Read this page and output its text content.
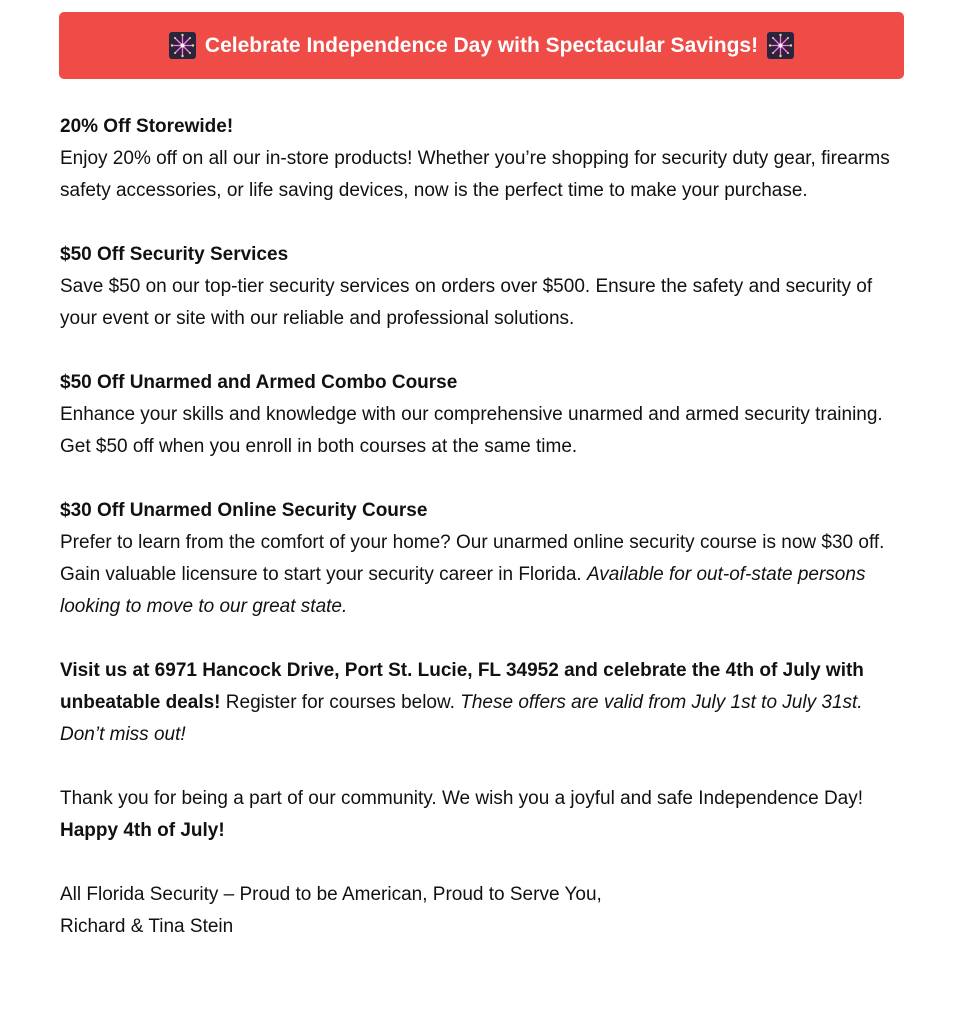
Celebrate Independence Day with Spectacular Savings!

20% Off Storewide!
Enjoy 20% off on all our in-store products! Whether you’re shopping for security duty gear, firearms safety accessories, or life saving devices, now is the perfect time to make your purchase.

$50 Off Security Services
Save $50 on our top-tier security services on orders over $500. Ensure the safety and security of your event or site with our reliable and professional solutions.

$50 Off Unarmed and Armed Combo Course
Enhance your skills and knowledge with our comprehensive unarmed and armed security training. Get $50 off when you enroll in both courses at the same time.

$30 Off Unarmed Online Security Course
Prefer to learn from the comfort of your home? Our unarmed online security course is now $30 off. Gain valuable licensure to start your security career in Florida. Available for out-of-state persons looking to move to our great state.

Visit us at 6971 Hancock Drive, Port St. Lucie, FL 34952 and celebrate the 4th of July with unbeatable deals! Register for courses below. These offers are valid from July 1st to July 31st. Don’t miss out!

Thank you for being a part of our community. We wish you a joyful and safe Independence Day!  Happy 4th of July!

All Florida Security – Proud to be American, Proud to Serve You,
Richard & Tina Stein
